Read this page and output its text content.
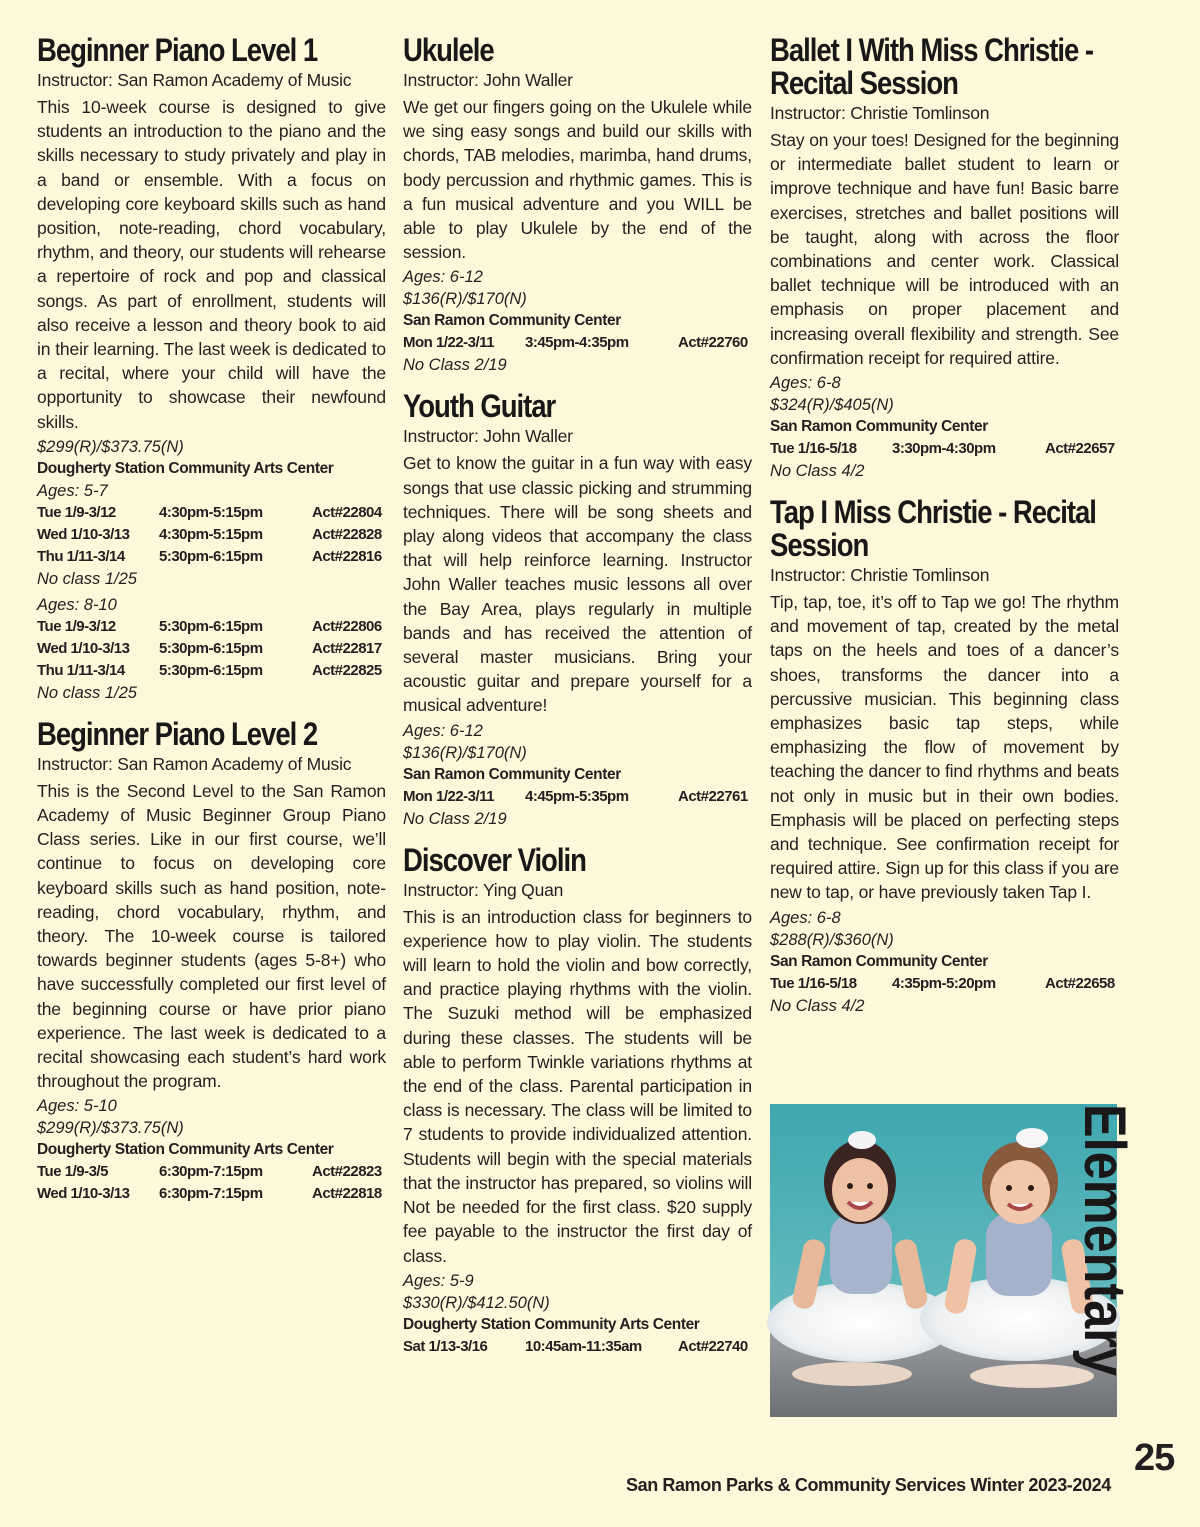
Beginner Piano Level 1

Instructor: San Ramon Academy of Music

This 10-week course is designed to give students an introduction to the piano and the skills necessary to study privately and play in a band or ensemble. With a focus on developing core keyboard skills such as hand position, note-reading, chord vocabulary, rhythm, and theory, our students will rehearse a repertoire of rock and pop and classical songs. As part of enrollment, students will also receive a lesson and theory book to aid in their learning. The last week is dedicated to a recital, where your child will have the opportunity to showcase their newfound skills.

$299(R)/$373.75(N)

Dougherty Station Community Arts Center

Ages: 5-7

Tue 1/9-3/12	4:30pm-5:15pm	Act#22804
Wed 1/10-3/13	4:30pm-5:15pm	Act#22828
Thu 1/11-3/14	5:30pm-6:15pm	Act#22816

No class 1/25

Ages: 8-10

Tue 1/9-3/12	5:30pm-6:15pm	Act#22806
Wed 1/10-3/13	5:30pm-6:15pm	Act#22817
Thu 1/11-3/14	5:30pm-6:15pm	Act#22825

No class 1/25

Beginner Piano Level 2

Instructor: San Ramon Academy of Music

This is the Second Level to the San Ramon Academy of Music Beginner Group Piano Class series. Like in our first course, we’ll continue to focus on developing core keyboard skills such as hand position, note-reading, chord vocabulary, rhythm, and theory. The 10-week course is tailored towards beginner students (ages 5-8+) who have successfully completed our first level of the beginning course or have prior piano experience. The last week is dedicated to a recital showcasing each student’s hard work throughout the program.

Ages: 5-10

$299(R)/$373.75(N)

Dougherty Station Community Arts Center

Tue 1/9-3/5	6:30pm-7:15pm	Act#22823
Wed 1/10-3/13	6:30pm-7:15pm	Act#22818
Ukulele

Instructor: John Waller

We get our fingers going on the Ukulele while we sing easy songs and build our skills with chords, TAB melodies, marimba, hand drums, body percussion and rhythmic games. This is a fun musical adventure and you WILL be able to play Ukulele by the end of the session.

Ages: 6-12

$136(R)/$170(N)

San Ramon Community Center

Mon 1/22-3/11	3:45pm-4:35pm	Act#22760

No Class 2/19

Youth Guitar

Instructor: John Waller

Get to know the guitar in a fun way with easy songs that use classic picking and strumming techniques. There will be song sheets and play along videos that accompany the class that will help reinforce learning. Instructor John Waller teaches music lessons all over the Bay Area, plays regularly in multiple bands and has received the attention of several master musicians. Bring your acoustic guitar and prepare yourself for a musical adventure!

Ages: 6-12

$136(R)/$170(N)

San Ramon Community Center

Mon 1/22-3/11	4:45pm-5:35pm	Act#22761

No Class 2/19

Discover Violin

Instructor: Ying Quan

This is an introduction class for beginners to experience how to play violin. The students will learn to hold the violin and bow correctly, and practice playing rhythms with the violin. The Suzuki method will be emphasized during these classes. The students will be able to perform Twinkle variations rhythms at the end of the class. Parental participation in class is necessary. The class will be limited to 7 students to provide individualized attention. Students will begin with the special materials that the instructor has prepared, so violins will Not be needed for the first class. $20 supply fee payable to the instructor the first day of class.

Ages: 5-9

$330(R)/$412.50(N)

Dougherty Station Community Arts Center

Sat 1/13-3/16	10:45am-11:35am	Act#22740
Ballet I With Miss Christie - Recital Session

Instructor: Christie Tomlinson

Stay on your toes! Designed for the beginning or intermediate ballet student to learn or improve technique and have fun! Basic barre exercises, stretches and ballet positions will be taught, along with across the floor combinations and center work. Classical ballet technique will be introduced with an emphasis on proper placement and increasing overall flexibility and strength. See confirmation receipt for required attire.

Ages: 6-8

$324(R)/$405(N)

San Ramon Community Center

Tue 1/16-5/18	3:30pm-4:30pm	Act#22657

No Class 4/2

Tap I Miss Christie - Recital Session

Instructor: Christie Tomlinson

Tip, tap, toe, it’s off to Tap we go! The rhythm and movement of tap, created by the metal taps on the heels and toes of a dancer’s shoes, transforms the dancer into a percussive musician. This beginning class emphasizes basic tap steps, while emphasizing the flow of movement by teaching the dancer to find rhythms and beats not only in music but in their own bodies. Emphasis will be placed on perfecting steps and technique. See confirmation receipt for required attire. Sign up for this class if you are new to tap, or have previously taken Tap I.

Ages: 6-8

$288(R)/$360(N)

San Ramon Community Center

Tue 1/16-5/18	4:35pm-5:20pm	Act#22658

No Class 4/2

Elementary
25
San Ramon Parks & Community Services Winter 2023-2024
